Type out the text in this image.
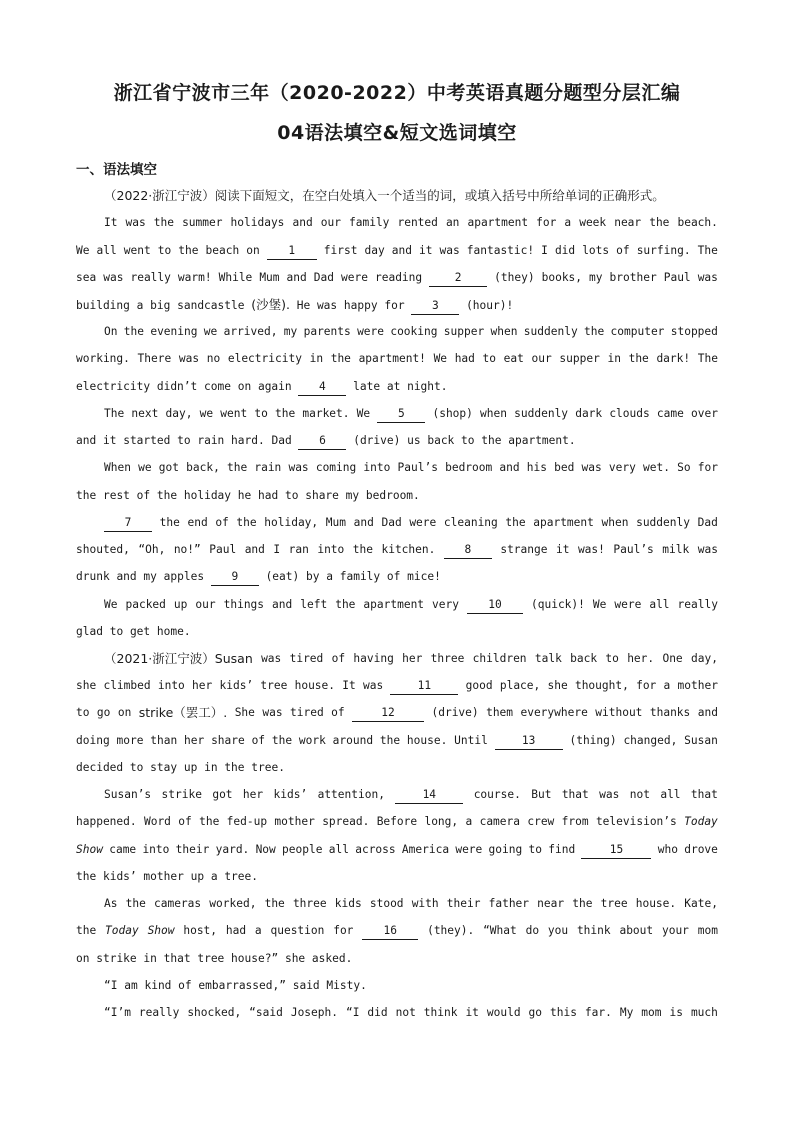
浙江省宁波市三年（2020-2022）中考英语真题分题型分层汇编
04语法填空&短文选词填空
一、语法填空
（2022·浙江宁波）阅读下面短文，在空白处填入一个适当的词，或填入括号中所给单词的正确形式。
It was the summer holidays and our family rented an apartment for a week near the beach.
We all went to the beach on	1	first day and it was fantastic! I did lots of surfing. The
sea was really warm! While Mum and Dad were reading	2	(they) books, my brother Paul was
building a big sandcastle (沙堡). He was happy for 3 (hour)!
On the evening we arrived, my parents were cooking supper when suddenly the computer stopped
working. There was no electricity in the apartment! We had to eat our supper in the dark! The
electricity didn’t come on again 4 late at night.
The next day, we went to the market. We	5	(shop) when suddenly dark clouds came over
and it started to rain hard. Dad 6 (drive) us back to the apartment.
When we got back, the rain was coming into Paul’s bedroom and his bed was very wet. So for
the rest of the holiday he had to share my bedroom.
7	the end of the holiday, Mum and Dad were cleaning the apartment when suddenly Dad
shouted, “Oh, no!” Paul and I ran into the kitchen.	8	strange it was! Paul’s milk was
drunk and my apples 9 (eat) by a family of mice!
We packed up our things and left the apartment very	10	(quick)! We were all really
glad to get home.
（2021·浙江宁波）Susan was tired of having her three children talk back to her. One day,
she climbed into her kids’ tree house. It was	11	good place, she thought, for a mother
to go on strike（罢工）. She was tired of	12	(drive) them everywhere without thanks and
doing more than her share of the work around the house. Until	13	(thing) changed, Susan
decided to stay up in the tree.
Susan’s strike got her kids’ attention,	14	course. But that was not all that
happened. Word of the fed-up mother spread. Before long, a camera crew from television’s Today
Show came into their yard. Now people all across America were going to find	15	who drove
the kids’ mother up a tree.
As the cameras worked, the three kids stood with their father near the tree house. Kate,
the Today Show host, had a question for	16	(they). “What do you think about your mom
on strike in that tree house?” she asked.
“I am kind of embarrassed,” said Misty.
“I’m really shocked, “said Joseph. “I did not think it would go this far. My mom is much
